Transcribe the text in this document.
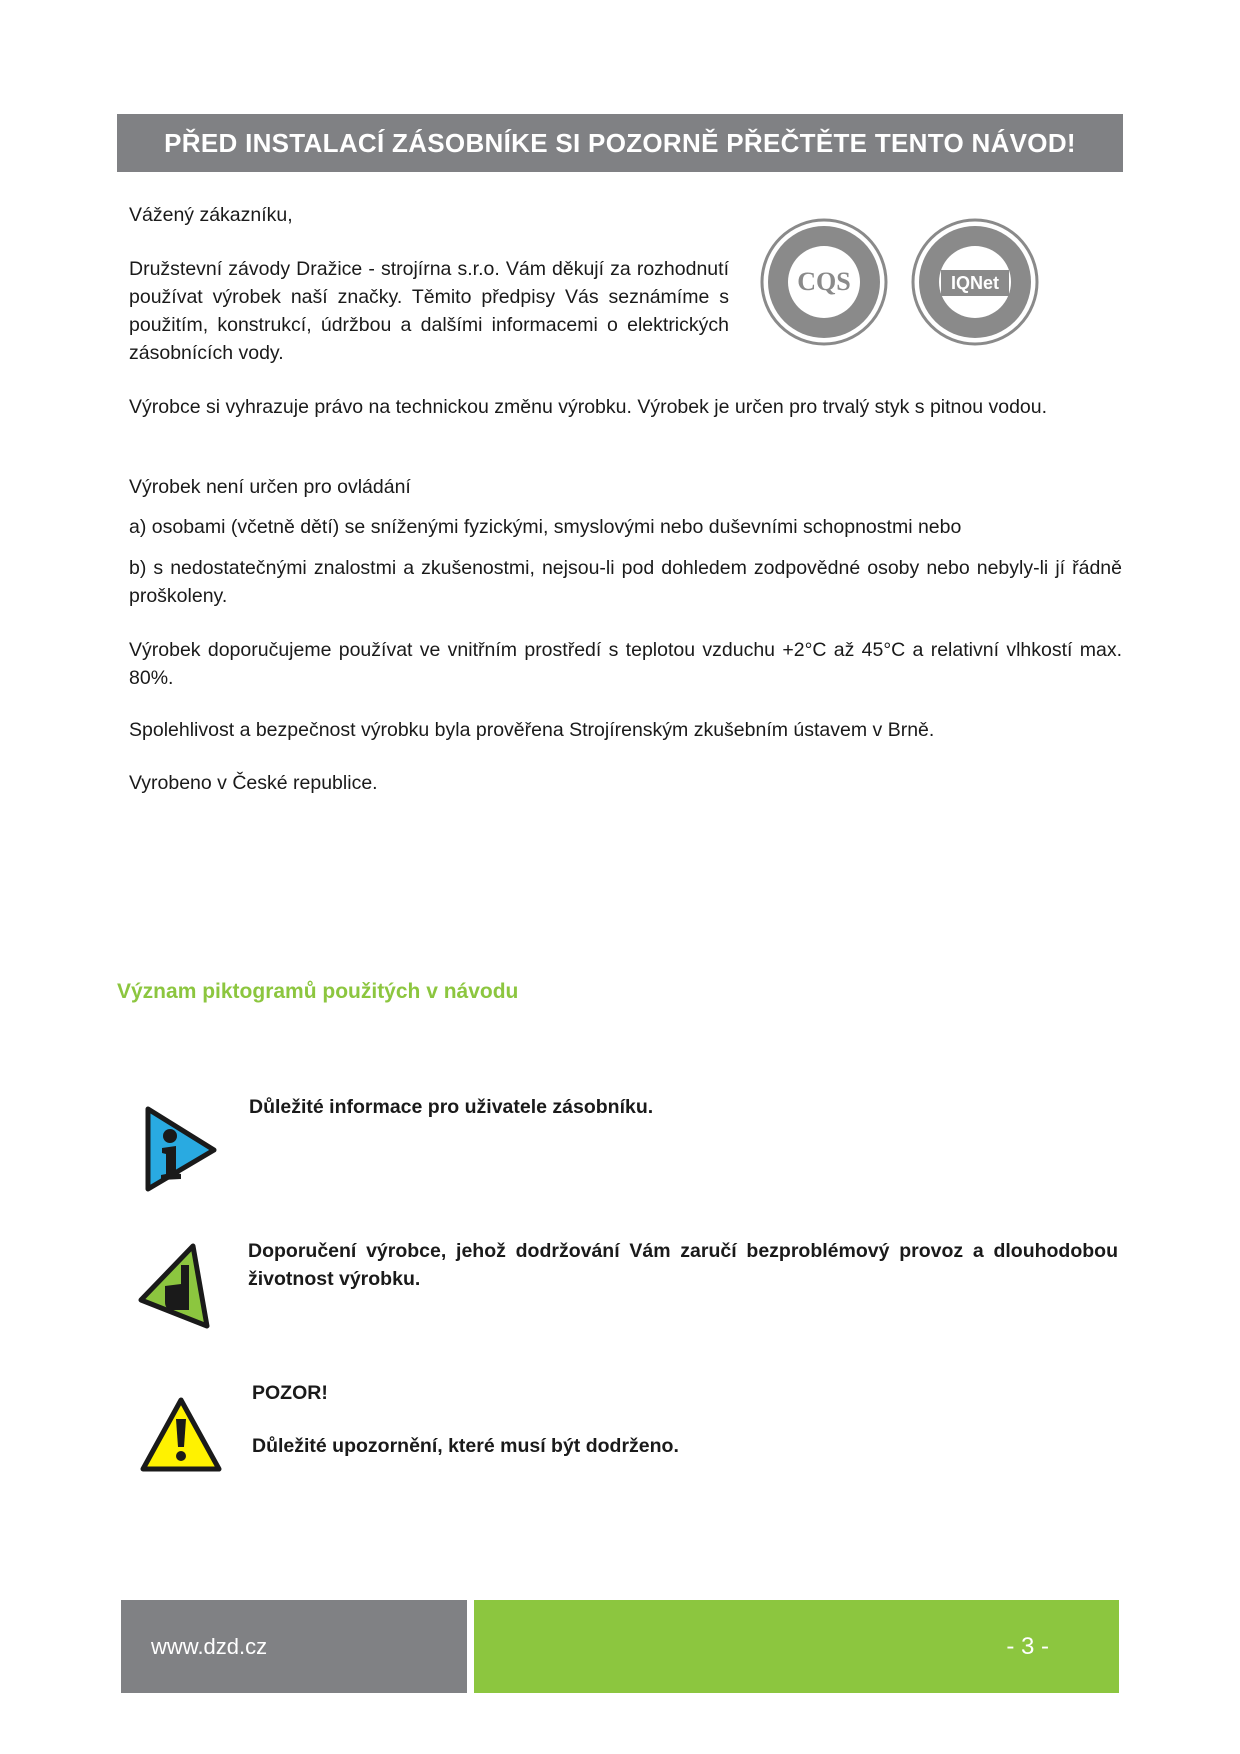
PŘED INSTALACÍ ZÁSOBNÍKE SI POZORNĚ PŘEČTĚTE TENTO NÁVOD!

Vážený zákazníku,

Družstevní závody Dražice - strojírna s.r.o. Vám děkují za rozhodnutí používat výrobek naší značky. Těmito předpisy Vás seznámíme s použitím, konstrukcí, údržbou a dalšími informacemi o elektrických zásobnících vody.

CQS	IQNet

Výrobce si vyhrazuje právo na technickou změnu výrobku. Výrobek je určen pro trvalý styk s pitnou vodou.

Výrobek není určen pro ovládání

a) osobami (včetně dětí) se sníženými fyzickými, smyslovými nebo duševními schopnostmi nebo

b) s nedostatečnými znalostmi a zkušenostmi, nejsou-li pod dohledem zodpovědné osoby nebo nebyly-li jí řádně proškoleny.

Výrobek doporučujeme používat ve vnitřním prostředí s teplotou vzduchu +2°C až 45°C a relativní vlhkostí max. 80%.

Spolehlivost a bezpečnost výrobku byla prověřena Strojírenským zkušebním ústavem v Brně.

Vyrobeno v České republice.

Význam piktogramů použitých v návodu

Důležité informace pro uživatele zásobníku.

Doporučení výrobce, jehož dodržování Vám zaručí bezproblémový provoz a dlouhodobou životnost výrobku.

POZOR!

Důležité upozornění, které musí být dodrženo.

www.dzd.cz	- 3 -
